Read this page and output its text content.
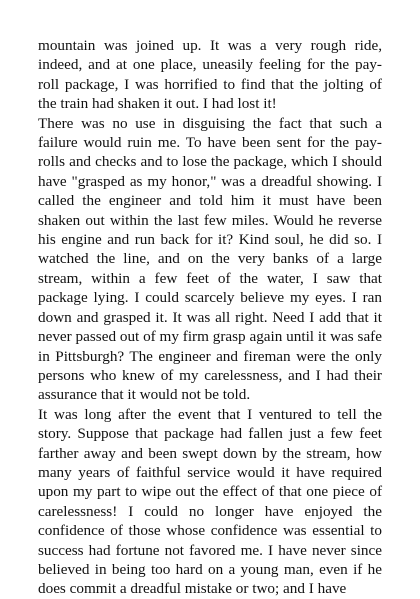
mountain was joined up. It was a very rough ride, indeed, and at one place, uneasily feeling for the pay-roll package, I was horrified to find that the jolting of the train had shaken it out. I had lost it!

There was no use in disguising the fact that such a failure would ruin me. To have been sent for the pay-rolls and checks and to lose the package, which I should have "grasped as my honor," was a dreadful showing. I called the engineer and told him it must have been shaken out within the last few miles. Would he reverse his engine and run back for it? Kind soul, he did so. I watched the line, and on the very banks of a large stream, within a few feet of the water, I saw that package lying. I could scarcely believe my eyes. I ran down and grasped it. It was all right. Need I add that it never passed out of my firm grasp again until it was safe in Pittsburgh? The engineer and fireman were the only persons who knew of my carelessness, and I had their assurance that it would not be told.

It was long after the event that I ventured to tell the story. Suppose that package had fallen just a few feet farther away and been swept down by the stream, how many years of faithful service would it have required upon my part to wipe out the effect of that one piece of carelessness! I could no longer have enjoyed the confidence of those whose confidence was essential to success had fortune not favored me. I have never since believed in being too hard on a young man, even if he does commit a dreadful mistake or two; and I have
